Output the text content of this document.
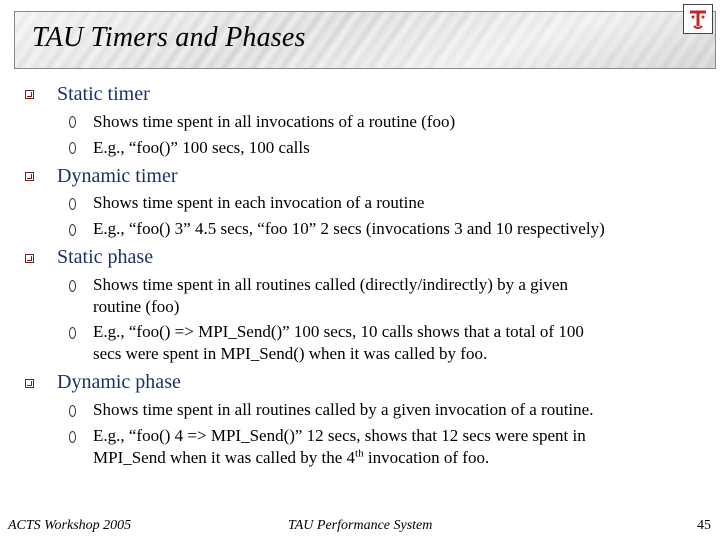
TAU Timers and Phases
Static timer
Shows time spent in all invocations of a routine (foo)
E.g., “foo()” 100 secs, 100 calls
Dynamic timer
Shows time spent in each invocation of a routine
E.g., “foo() 3” 4.5 secs, “foo 10” 2 secs (invocations 3 and 10 respectively)
Static phase
Shows time spent in all routines called (directly/indirectly) by a given
routine (foo)
E.g., “foo() => MPI_Send()” 100 secs, 10 calls shows that a total of 100
secs were spent in MPI_Send() when it was called by foo.
Dynamic phase
Shows time spent in all routines called by a given invocation of a routine.
E.g., “foo() 4 => MPI_Send()” 12 secs, shows that 12 secs were spent in
MPI_Send when it was called by the 4th invocation of foo.
ACTS Workshop 2005	TAU Performance System	45
